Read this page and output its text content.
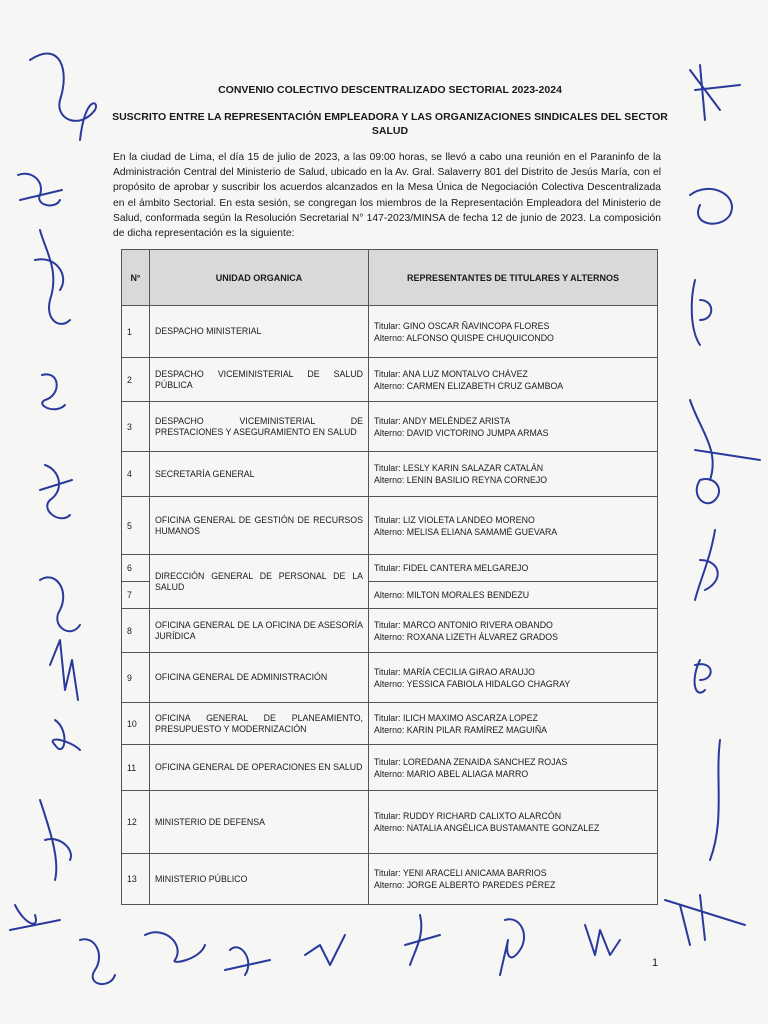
CONVENIO COLECTIVO DESCENTRALIZADO SECTORIAL 2023-2024
SUSCRITO ENTRE LA REPRESENTACIÓN EMPLEADORA Y LAS ORGANIZACIONES SINDICALES DEL SECTOR SALUD
En la ciudad de Lima, el día 15 de julio de 2023, a las 09:00 horas, se llevó a cabo una reunión en el Paraninfo de la Administración Central del Ministerio de Salud, ubicado en la Av. Gral. Salaverry 801 del Distrito de Jesús María, con el propósito de aprobar y suscribir los acuerdos alcanzados en la Mesa Única de Negociación Colectiva Descentralizada en el ámbito Sectorial. En esta sesión, se congregan los miembros de la Representación Empleadora del Ministerio de Salud, conformada según la Resolución Secretarial N° 147-2023/MINSA de fecha 12 de junio de 2023. La composición de dicha representación es la siguiente:
N°	UNIDAD ORGANICA	REPRESENTANTES DE TITULARES Y ALTERNOS
1	DESPACHO MINISTERIAL	Titular: GINO OSCAR ÑAVINCOPA FLORES
Alterno: ALFONSO QUISPE CHUQUICONDO

2	DESPACHO VICEMINISTERIAL DE SALUD PÚBLICA	Titular: ANA LUZ MONTALVO CHÁVEZ
Alterno: CARMEN ELIZABETH CRUZ GAMBOA

3	DESPACHO VICEMINISTERIAL DE PRESTACIONES Y ASEGURAMIENTO EN SALUD	Titular: ANDY MELÉNDEZ ARISTA
Alterno: DAVID VICTORINO JUMPA ARMAS

4	SECRETARÍA GENERAL	Titular: LESLY KARIN SALAZAR CATALÁN
Alterno: LENIN BASILIO REYNA CORNEJO

5	OFICINA GENERAL DE GESTIÓN DE RECURSOS HUMANOS	Titular: LIZ VIOLETA LANDEO MORENO
Alterno: MELISA ELIANA SAMAMÉ GUEVARA

6	DIRECCIÓN GENERAL DE PERSONAL DE LA SALUD	Titular: FIDEL CANTERA MELGAREJO
7		Alterno: MILTON MORALES BENDEZU
8	OFICINA GENERAL DE LA OFICINA DE ASESORÍA JURÍDICA	Titular: MARCO ANTONIO RIVERA OBANDO
Alterno: ROXANA LIZETH ÁLVAREZ GRADOS

9	OFICINA GENERAL DE ADMINISTRACIÓN	Titular: MARÍA CECILIA GIRAO ARAUJO
Alterno: YESSICA FABIOLA HIDALGO CHAGRAY

10	OFICINA GENERAL DE PLANEAMIENTO, PRESUPUESTO Y MODERNIZACIÓN	Titular: ILICH MAXIMO ASCARZA LOPEZ
Alterno: KARIN PILAR RAMÍREZ MAGUIÑA

11	OFICINA GENERAL DE OPERACIONES EN SALUD	Titular: LOREDANA ZENAIDA SANCHEZ ROJAS
Alterno: MARIO ABEL ALIAGA MARRO

12	MINISTERIO DE DEFENSA	Titular: RUDDY RICHARD CALIXTO ALARCÓN
Alterno: NATALIA ANGÉLICA BUSTAMANTE GONZALEZ

13	MINISTERIO PÚBLICO	Titular: YENI ARACELI ANICAMA BARRIOS
Alterno: JORGE ALBERTO PAREDES PÉREZ
1
